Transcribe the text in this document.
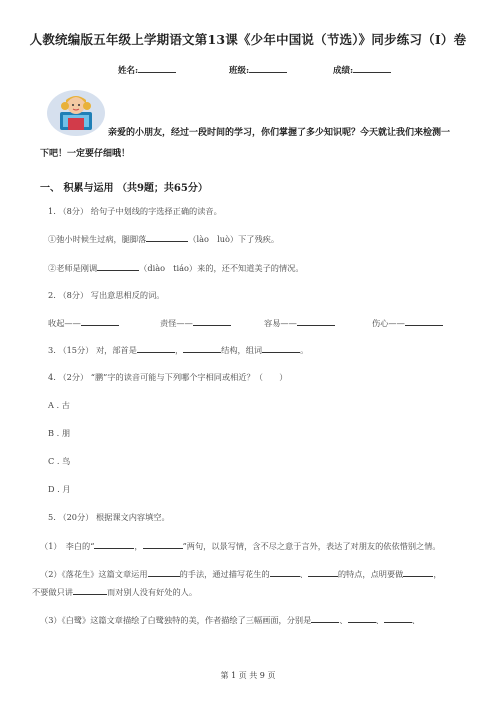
人教统编版五年级上学期语文第13课《少年中国说（节选）》同步练习（I）卷
姓名:	班级:	成绩:
亲爱的小朋友，经过一段时间的学习，你们掌握了多少知识呢？今天就让我们来检测一
下吧！一定要仔细哦！
一、 积累与运用 （共9题；共65分）
1. （8分） 给句子中划线的字选择正确的读音。
①弛小时候生过病，腿脚落	（lào　luò）下了残疾。
②老师是刚调	（diào　tiáo）来的，还不知道美子的情况。
2. （8分） 写出意思相反的词。
收起——	责怪——	容易——	伤心——
3. （15分） 对，部首是	，	结构，组词	。
4. （2分） “鹏”字的读音可能与下列哪个字相同或相近？（　　）
A . 古
B . 朋
C . 鸟
D . 月
5. （20分） 根据课文内容填空。
（1）　李白的“	，	”两句，以景写情，含不尽之意于言外，表达了对朋友的依依惜别之情。
（2）《落花生》这篇文章运用	的手法，通过描写花生的	、	的特点，点明要做	，
不要做只讲	而对别人没有好处的人。
（3）《白鹭》这篇文章描绘了白鹭独特的美，作者描绘了三幅画面，分别是	、	、	、
第 1 页 共 9 页
